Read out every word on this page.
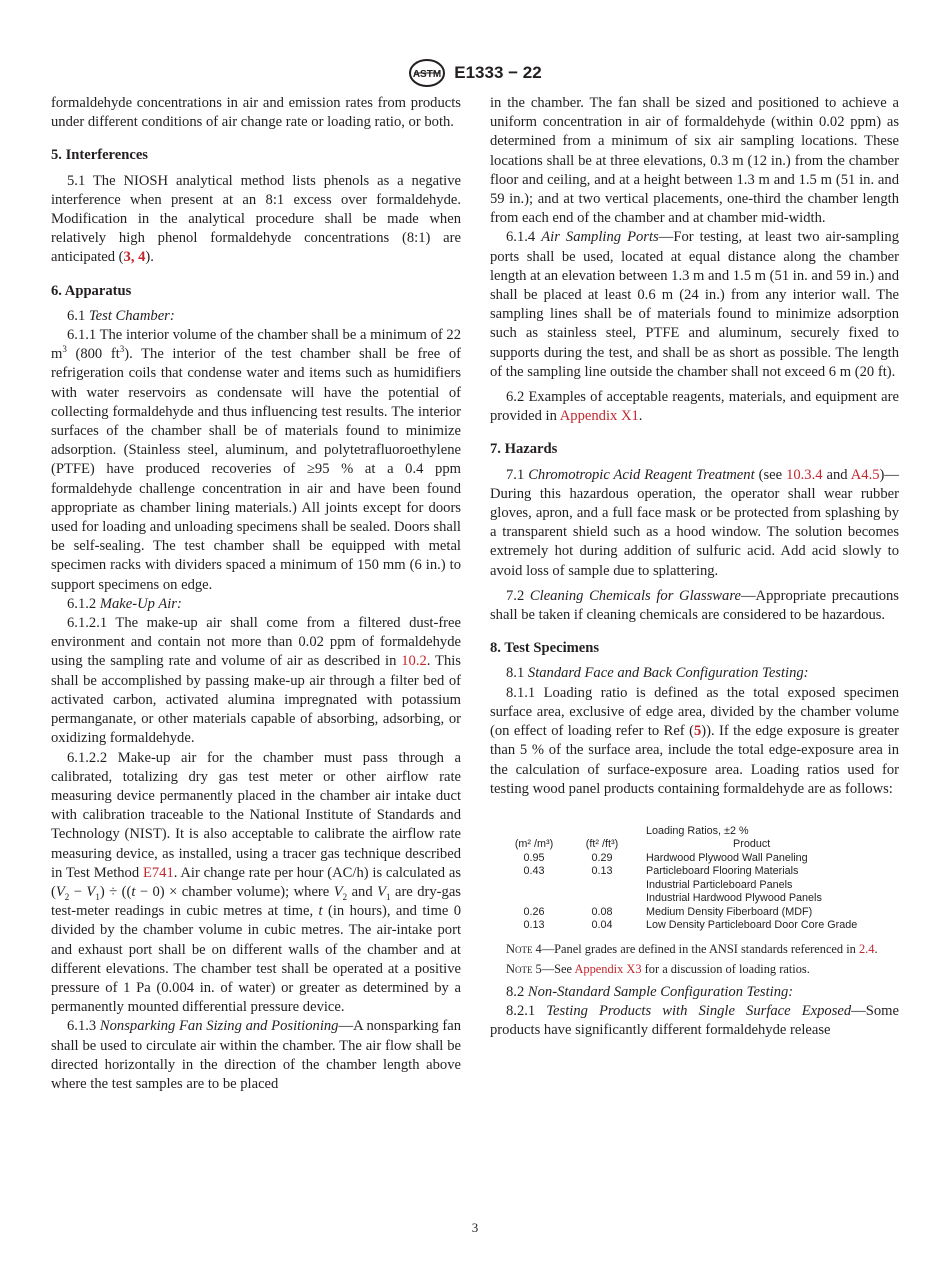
ASTM E1333 − 22

formaldehyde concentrations in air and emission rates from products under different conditions of air change rate or loading ratio, or both.

5. Interferences

5.1 The NIOSH analytical method lists phenols as a negative interference when present at an 8:1 excess over formaldehyde. Modification in the analytical procedure shall be made when relatively high phenol formaldehyde concentrations (8:1) are anticipated (3, 4).

6. Apparatus

6.1 Test Chamber:

6.1.1 The interior volume of the chamber shall be a minimum of 22 $m^3$ (800 $ft^3$). The interior of the test chamber shall be free of refrigeration coils that condense water and items such as humidifiers with water reservoirs as condensate will have the potential of collecting formaldehyde and thus influencing test results. The interior surfaces of the chamber shall be of materials found to minimize adsorption. (Stainless steel, aluminum, and polytetrafluoroethylene (PTFE) have produced recoveries of ≥95 % at a 0.4 ppm formaldehyde challenge concentration in air and have been found appropriate as chamber lining materials.) All joints except for doors used for loading and unloading specimens shall be sealed. Doors shall be self-sealing. The test chamber shall be equipped with metal specimen racks with dividers spaced a minimum of 150 mm (6 in.) to support specimens on edge.

6.1.2 Make-Up Air:

6.1.2.1 The make-up air shall come from a filtered dust-free environment and contain not more than 0.02 ppm of formaldehyde using the sampling rate and volume of air as described in 10.2. This shall be accomplished by passing make-up air through a filter bed of activated carbon, activated alumina impregnated with potassium permanganate, or other materials capable of absorbing, adsorbing, or oxidizing formaldehyde.

6.1.2.2 Make-up air for the chamber must pass through a calibrated, totalizing dry gas test meter or other airflow rate measuring device permanently placed in the chamber air intake duct with calibration traceable to the National Institute of Standards and Technology (NIST). It is also acceptable to calibrate the airflow rate measuring device, as installed, using a tracer gas technique described in Test Method E741. Air change rate per hour (AC/h) is calculated as $(V_2 - V_1) \div ((t - 0)$ × chamber volume); where $V_2$ and $V_1$ are dry-gas test-meter readings in cubic metres at time, t (in hours), and time 0 divided by the chamber volume in cubic metres. The air-intake port and exhaust port shall be on different walls of the chamber and at different elevations. The chamber test shall be operated at a positive pressure of 1 Pa (0.004 in. of water) or greater as determined by a permanently mounted differential pressure device.

6.1.3 Nonsparking Fan Sizing and Positioning—A nonsparking fan shall be used to circulate air within the chamber. The air flow shall be directed horizontally in the direction of the chamber length above where the test samples are to be placed

in the chamber. The fan shall be sized and positioned to achieve a uniform concentration in air of formaldehyde (within 0.02 ppm) as determined from a minimum of six air sampling locations. These locations shall be at three elevations, 0.3 m (12 in.) from the chamber floor and ceiling, and at a height between 1.3 m and 1.5 m (51 in. and 59 in.); and at two vertical placements, one-third the chamber length from each end of the chamber and at chamber mid-width.

6.1.4 Air Sampling Ports—For testing, at least two air-sampling ports shall be used, located at equal distance along the chamber length at an elevation between 1.3 m and 1.5 m (51 in. and 59 in.) and shall be placed at least 0.6 m (24 in.) from any interior wall. The sampling lines shall be of materials found to minimize adsorption such as stainless steel, PTFE and aluminum, securely fixed to supports during the test, and shall be as short as possible. The length of the sampling line outside the chamber shall not exceed 6 m (20 ft).

6.2 Examples of acceptable reagents, materials, and equipment are provided in Appendix X1.

7. Hazards

7.1 Chromotropic Acid Reagent Treatment (see 10.3.4 and A4.5)—During this hazardous operation, the operator shall wear rubber gloves, apron, and a full face mask or be protected from splashing by a transparent shield such as a hood window. The solution becomes extremely hot during addition of sulfuric acid. Add acid slowly to avoid loss of sample due to splattering.

7.2 Cleaning Chemicals for Glassware—Appropriate precautions shall be taken if cleaning chemicals are considered to be hazardous.

8. Test Specimens

8.1 Standard Face and Back Configuration Testing:

8.1.1 Loading ratio is defined as the total exposed specimen surface area, exclusive of edge area, divided by the chamber volume (on effect of loading refer to Ref (5)). If the edge exposure is greater than 5 % of the surface area, include the total edge-exposure area in the calculation of surface-exposure area. Loading ratios used for testing wood panel products containing formaldehyde are as follows:

		Loading Ratios, ±2 %
(m² /m³)	(ft² /ft³)	Product
0.95	0.29	Hardwood Plywood Wall Paneling
0.43	0.13	Particleboard Flooring Materials
		Industrial Particleboard Panels
		Industrial Hardwood Plywood Panels
0.26	0.08	Medium Density Fiberboard (MDF)
0.13	0.04	Low Density Particleboard Door Core Grade

Note 4—Panel grades are defined in the ANSI standards referenced in 2.4.

Note 5—See Appendix X3 for a discussion of loading ratios.

8.2 Non-Standard Sample Configuration Testing:

8.2.1 Testing Products with Single Surface Exposed—Some products have significantly different formaldehyde release

3
